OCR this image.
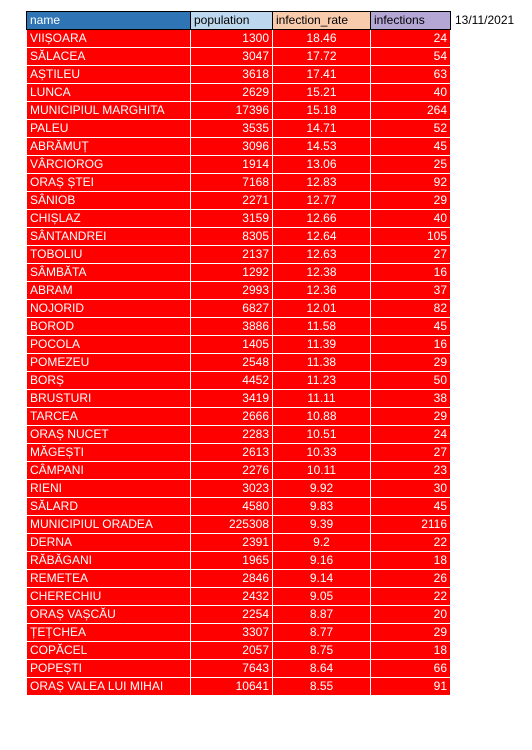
name	population	infection_rate	infections
VIIȘOARA	1300	18.46	24
SĂLACEA	3047	17.72	54
AȘTILEU	3618	17.41	63
LUNCA	2629	15.21	40
MUNICIPIUL MARGHITA	17396	15.18	264
PALEU	3535	14.71	52
ABRĂMUȚ	3096	14.53	45
VÂRCIOROG	1914	13.06	25
ORAȘ ȘTEI	7168	12.83	92
SÂNIOB	2271	12.77	29
CHIȘLAZ	3159	12.66	40
SÂNTANDREI	8305	12.64	105
TOBOLIU	2137	12.63	27
SÂMBĂTA	1292	12.38	16
ABRAM	2993	12.36	37
NOJORID	6827	12.01	82
BOROD	3886	11.58	45
POCOLA	1405	11.39	16
POMEZEU	2548	11.38	29
BORȘ	4452	11.23	50
BRUSTURI	3419	11.11	38
TARCEA	2666	10.88	29
ORAȘ NUCET	2283	10.51	24
MĂGEȘTI	2613	10.33	27
CÂMPANI	2276	10.11	23
RIENI	3023	9.92	30
SĂLARD	4580	9.83	45
MUNICIPIUL ORADEA	225308	9.39	2116
DERNA	2391	9.2	22
RĂBĂGANI	1965	9.16	18
REMETEA	2846	9.14	26
CHERECHIU	2432	9.05	22
ORAȘ VAȘCĂU	2254	8.87	20
ȚEȚCHEA	3307	8.77	29
COPĂCEL	2057	8.75	18
POPEȘTI	7643	8.64	66
ORAȘ VALEA LUI MIHAI	10641	8.55	91
13/11/2021
